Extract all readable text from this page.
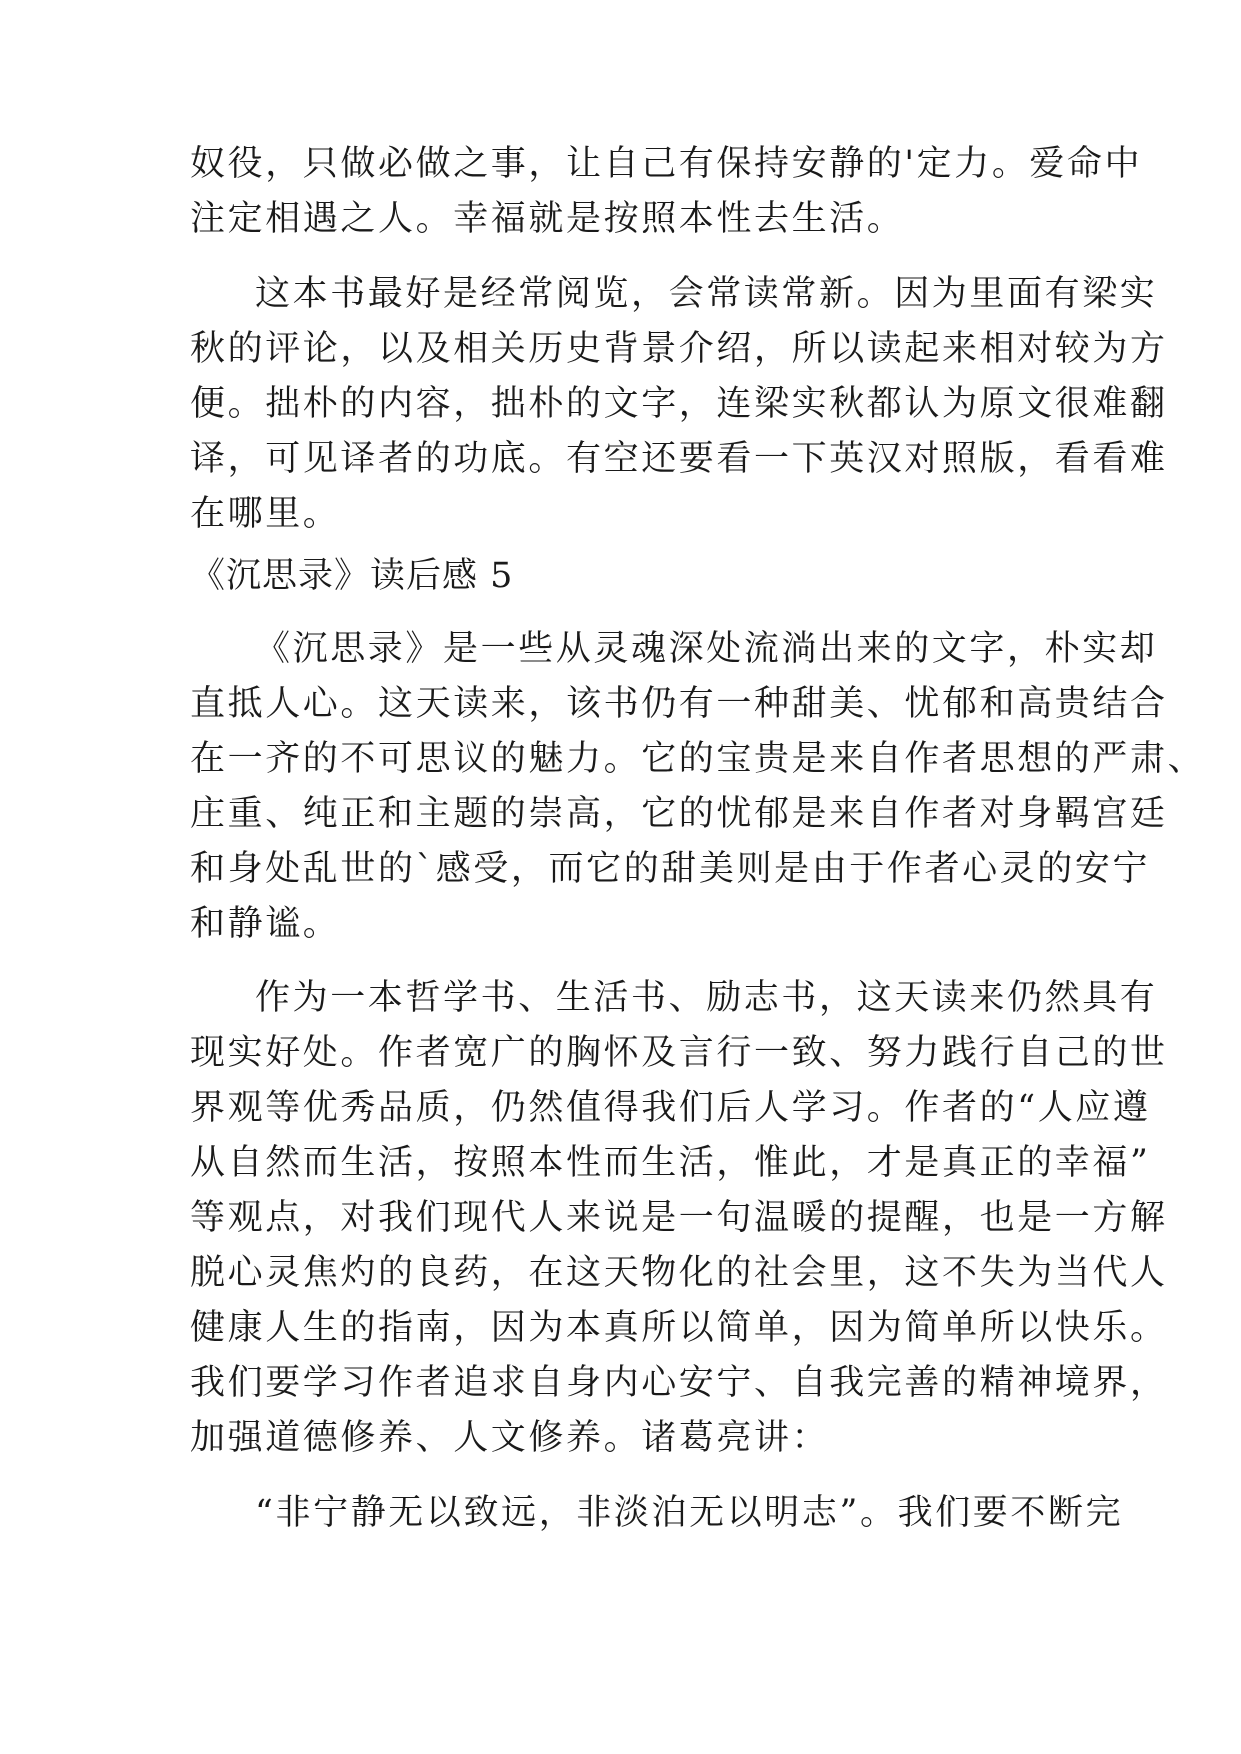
奴役，只做必做之事，让自己有保持安静的'定力。爱命中
注定相遇之人。幸福就是按照本性去生活。
这本书最好是经常阅览，会常读常新。因为里面有梁实
秋的评论，以及相关历史背景介绍，所以读起来相对较为方
便。拙朴的内容，拙朴的文字，连梁实秋都认为原文很难翻
译，可见译者的功底。有空还要看一下英汉对照版，看看难
在哪里。
《沉思录》读后感 5
《沉思录》是一些从灵魂深处流淌出来的文字，朴实却
直抵人心。这天读来，该书仍有一种甜美、忧郁和高贵结合
在一齐的不可思议的魅力。它的宝贵是来自作者思想的严肃、
庄重、纯正和主题的崇高，它的忧郁是来自作者对身羁宫廷
和身处乱世的`感受，而它的甜美则是由于作者心灵的安宁
和静谧。
作为一本哲学书、生活书、励志书，这天读来仍然具有
现实好处。作者宽广的胸怀及言行一致、努力践行自己的世
界观等优秀品质，仍然值得我们后人学习。作者的“人应遵
从自然而生活，按照本性而生活，惟此，才是真正的幸福”
等观点，对我们现代人来说是一句温暖的提醒，也是一方解
脱心灵焦灼的良药，在这天物化的社会里，这不失为当代人
健康人生的指南，因为本真所以简单，因为简单所以快乐。
我们要学习作者追求自身内心安宁、自我完善的精神境界，
加强道德修养、人文修养。诸葛亮讲：
“非宁静无以致远，非淡泊无以明志”。我们要不断完
